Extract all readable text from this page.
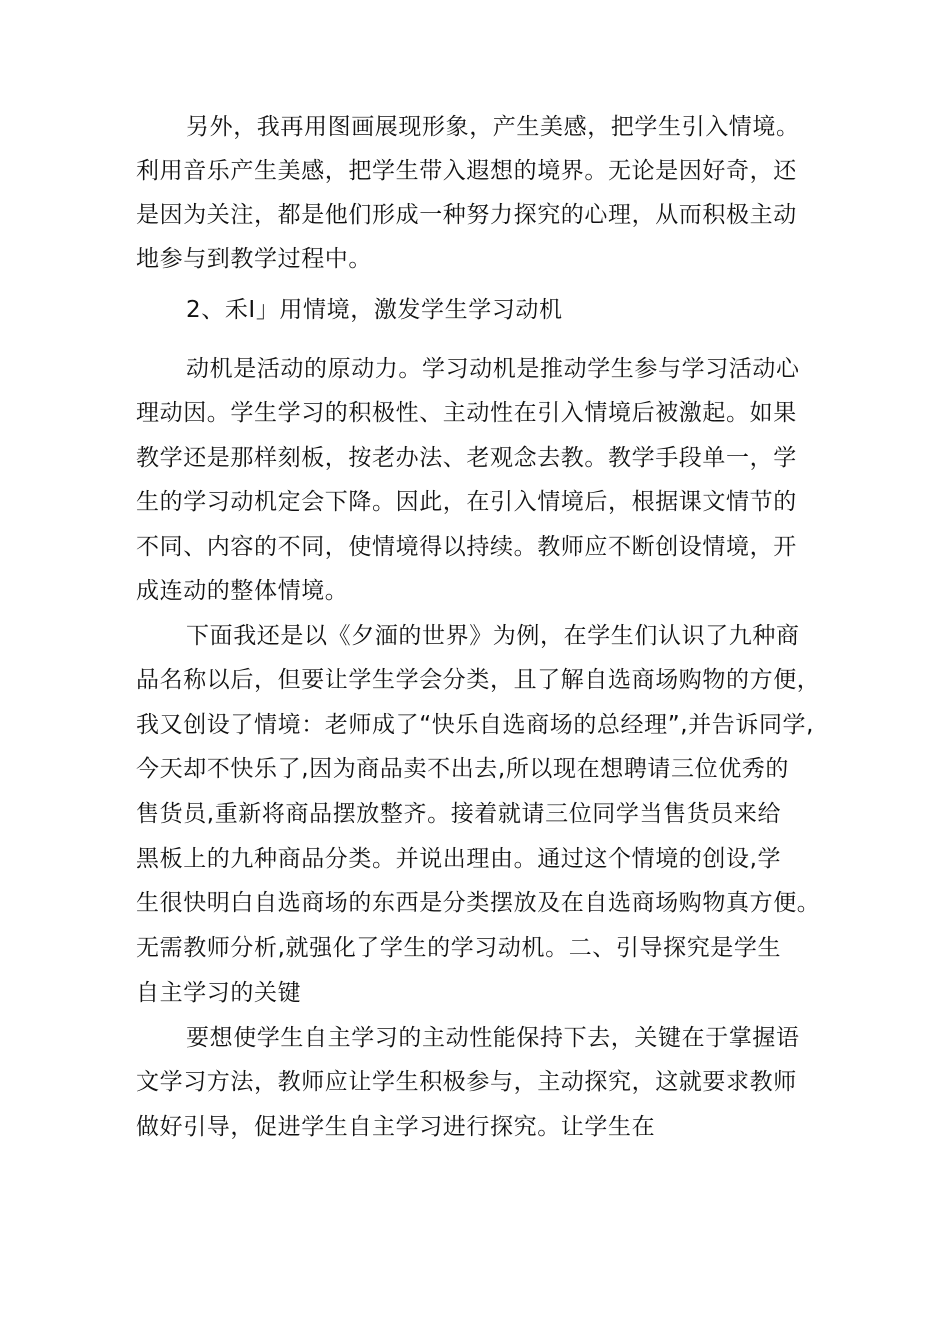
另外，我再用图画展现形象，产生美感，把学生引入情境。

利用音乐产生美感，把学生带入遐想的境界。无论是因好奇，还

是因为关注，都是他们形成一种努力探究的心理，从而积极主动

地参与到教学过程中。

2、禾I」用情境，激发学生学习动机

动机是活动的原动力。学习动机是推动学生参与学习活动心

理动因。学生学习的积极性、主动性在引入情境后被激起。如果

教学还是那样刻板，按老办法、老观念去教。教学手段单一，学

生的学习动机定会下降。因此，在引入情境后，根据课文情节的

不同、内容的不同，使情境得以持续。教师应不断创设情境，开

成连动的整体情境。

下面我还是以《夕湎的世界》为例，在学生们认识了九种商

品名称以后，但要让学生学会分类，且了解自选商场购物的方便，

我又创设了情境：老师成了“快乐自选商场的总经理”,并告诉同学,

今天却不快乐了,因为商品卖不出去,所以现在想聘请三位优秀的

售货员,重新将商品摆放整齐。接着就请三位同学当售货员来给

黑板上的九种商品分类。并说出理由。通过这个情境的创设,学

生很快明白自选商场的东西是分类摆放及在自选商场购物真方便。

无需教师分析,就强化了学生的学习动机。二、引导探究是学生

自主学习的关键

要想使学生自主学习的主动性能保持下去，关键在于掌握语

文学习方法，教师应让学生积极参与，主动探究，这就要求教师

做好引导，促进学生自主学习进行探究。让学生在
